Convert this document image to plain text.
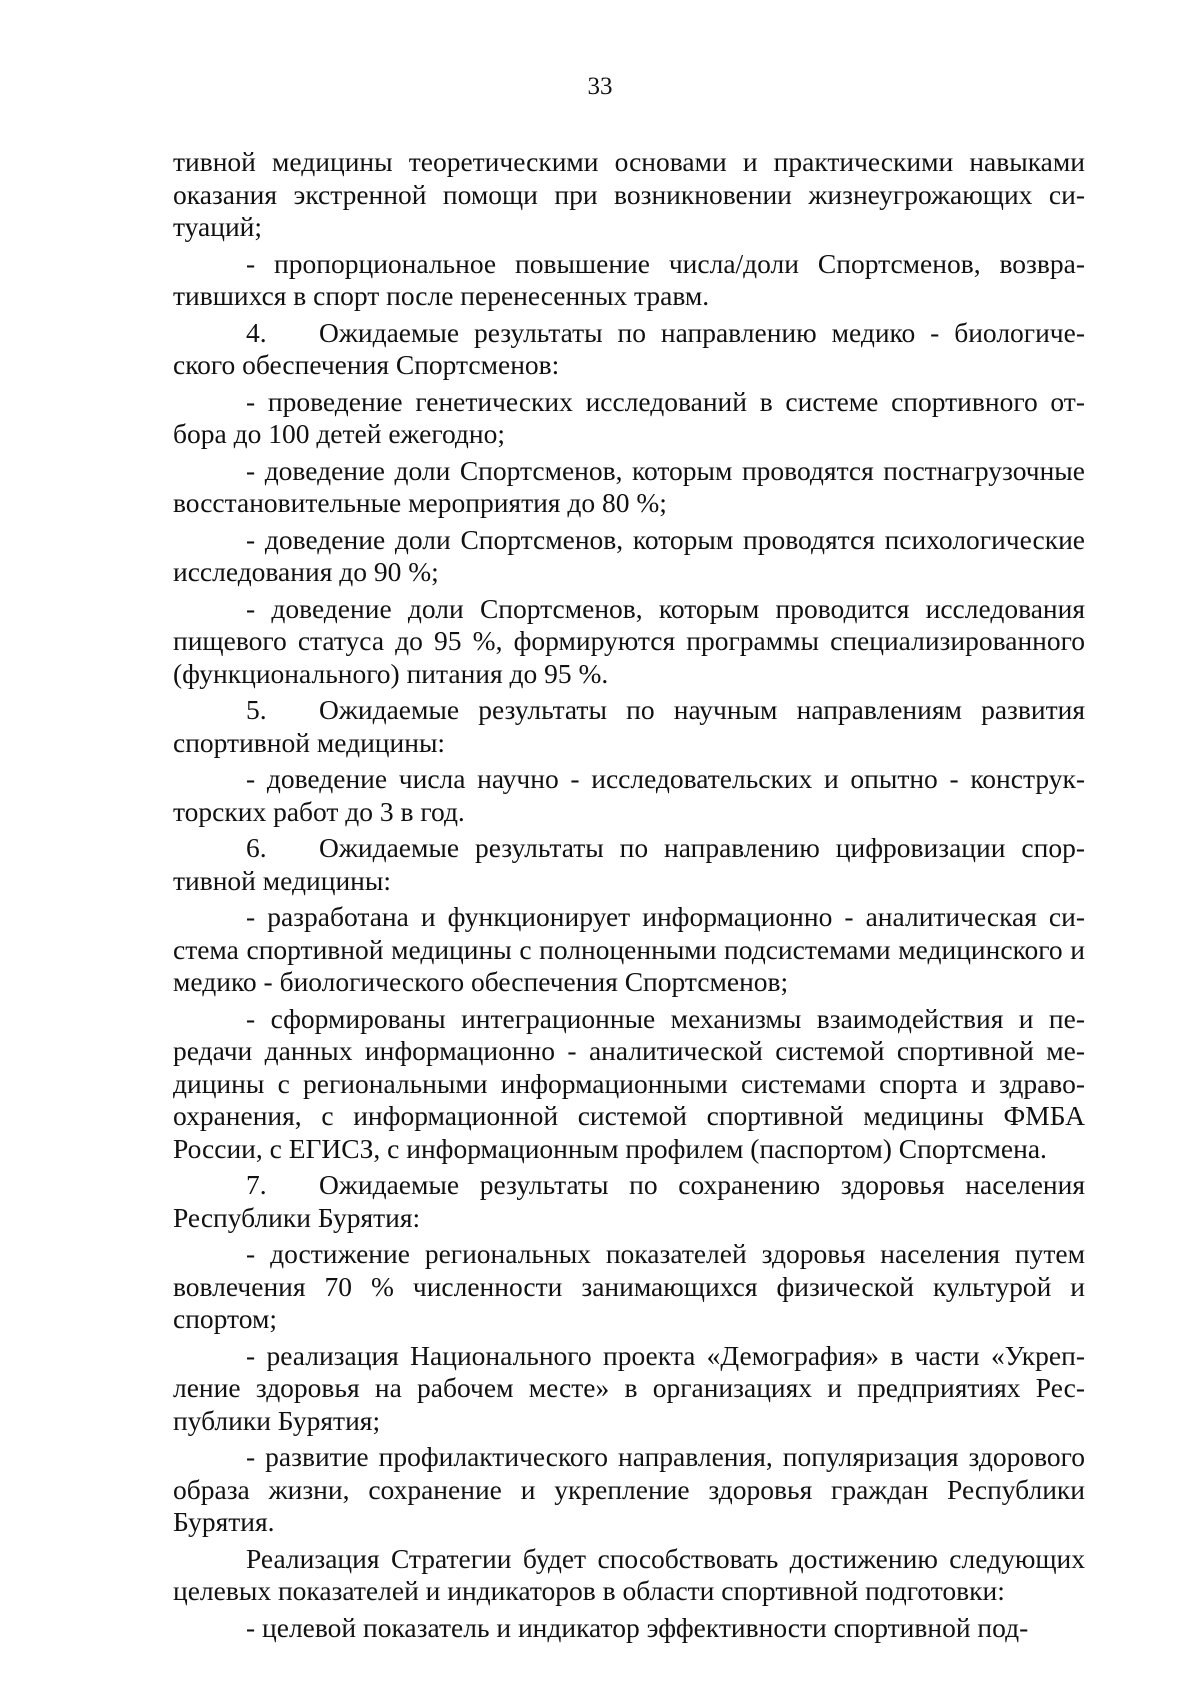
33

тивной медицины теоретическими основами и практическими навыками оказания экстренной помощи при возникновении жизнеугрожающих ситуаций;

- пропорциональное повышение числа/доли Спортсменов, возвратившихся в спорт после перенесенных травм.

4. Ожидаемые результаты по направлению медико - биологического обеспечения Спортсменов:

- проведение генетических исследований в системе спортивного отбора до 100 детей ежегодно;

- доведение доли Спортсменов, которым проводятся постнагрузочные восстановительные мероприятия до 80 %;

- доведение доли Спортсменов, которым проводятся психологические исследования до 90 %;

- доведение доли Спортсменов, которым проводится исследования пищевого статуса до 95 %, формируются программы специализированного (функционального) питания до 95 %.

5. Ожидаемые результаты по научным направлениям развития спортивной медицины:

- доведение числа научно - исследовательских и опытно - конструкторских работ до 3 в год.

6. Ожидаемые результаты по направлению цифровизации спортивной медицины:

- разработана и функционирует информационно - аналитическая система спортивной медицины с полноценными подсистемами медицинского и медико - биологического обеспечения Спортсменов;

- сформированы интеграционные механизмы взаимодействия и передачи данных информационно - аналитической системой спортивной медицины с региональными информационными системами спорта и здравоохранения, с информационной системой спортивной медицины ФМБА России, с ЕГИСЗ, с информационным профилем (паспортом) Спортсмена.

7. Ожидаемые результаты по сохранению здоровья населения Республики Бурятия:

- достижение региональных показателей здоровья населения путем вовлечения 70 % численности занимающихся физической культурой и спортом;

- реализация Национального проекта «Демография» в части «Укрепление здоровья на рабочем месте» в организациях и предприятиях Республики Бурятия;

- развитие профилактического направления, популяризация здорового образа жизни, сохранение и укрепление здоровья граждан Республики Бурятия.

Реализация Стратегии будет способствовать достижению следующих целевых показателей и индикаторов в области спортивной подготовки:

- целевой показатель и индикатор эффективности спортивной под-
